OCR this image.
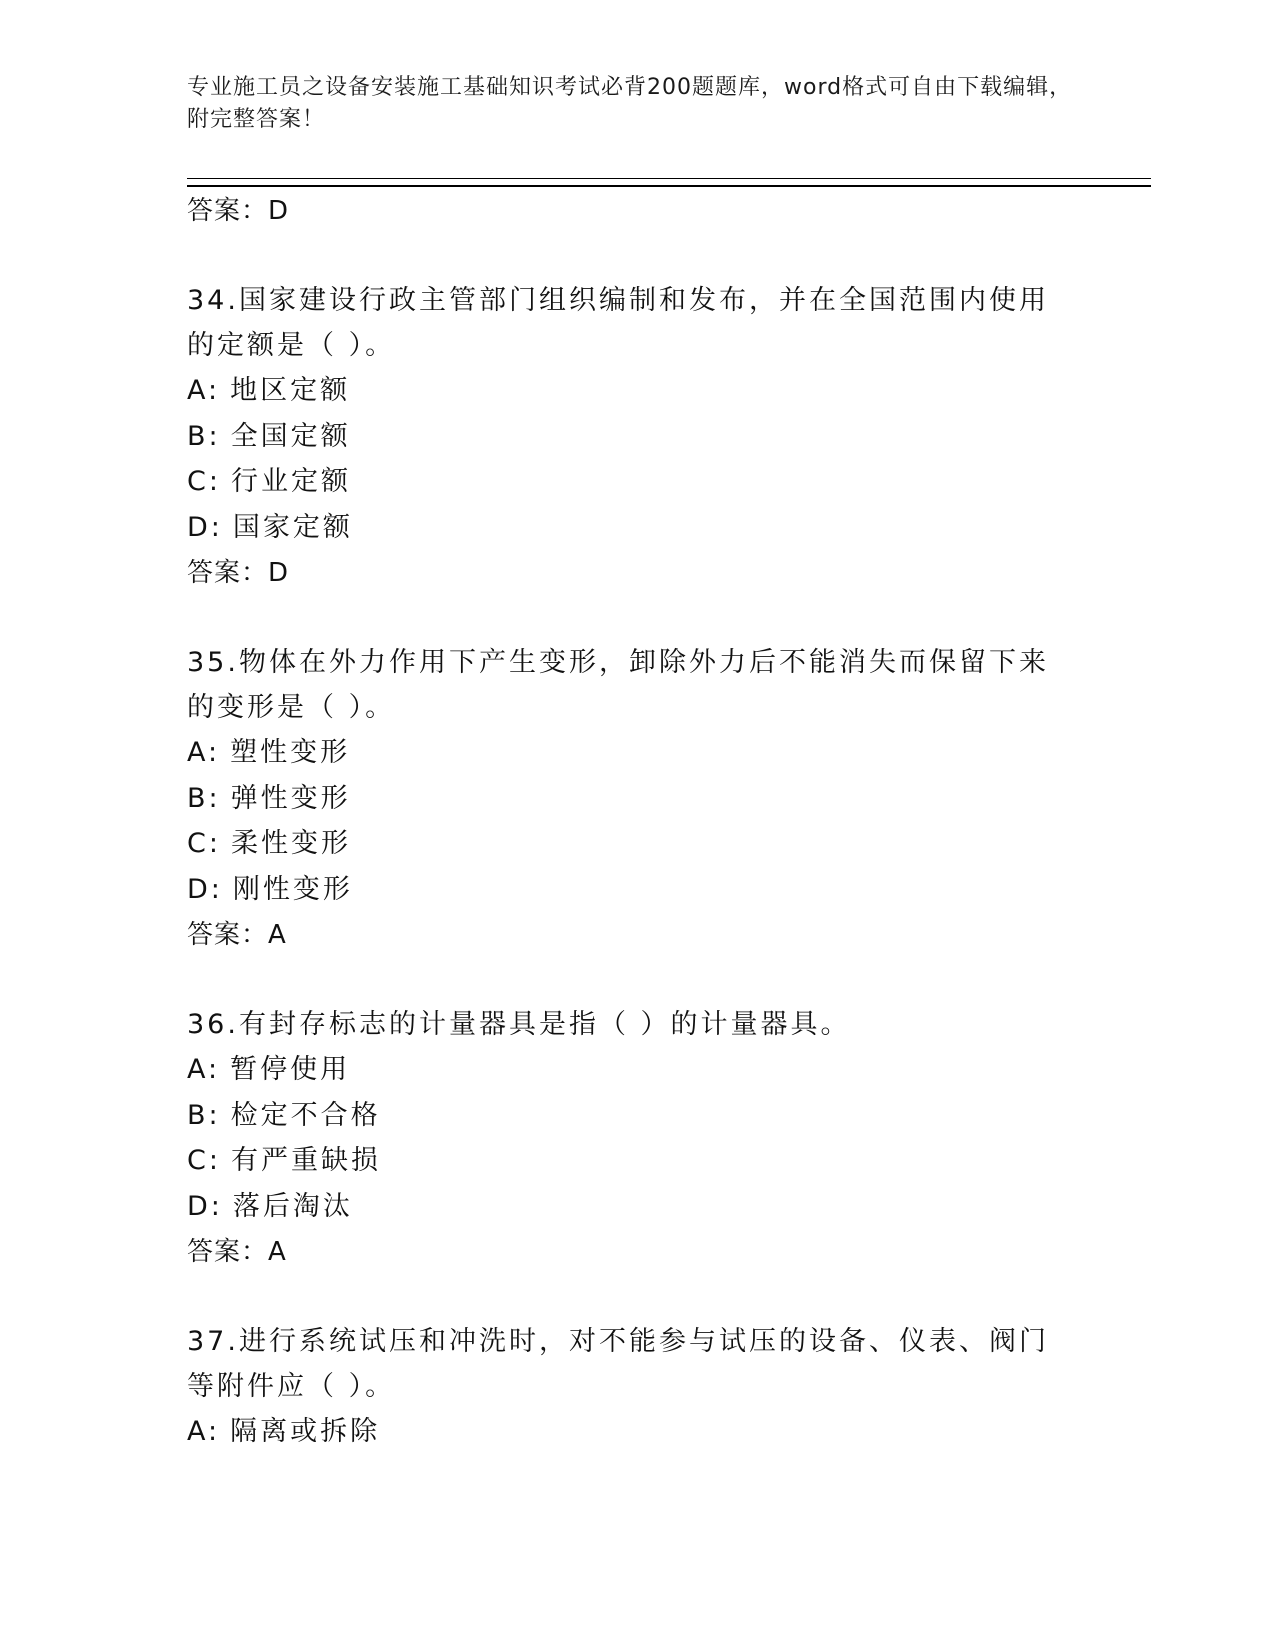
专业施工员之设备安装施工基础知识考试必背200题题库，word格式可自由下载编辑，附完整答案！
答案：D
34.国家建设行政主管部门组织编制和发布，并在全国范围内使用的定额是（ ）。
A: 地区定额
B: 全国定额
C: 行业定额
D: 国家定额
答案：D
35.物体在外力作用下产生变形，卸除外力后不能消失而保留下来的变形是（ ）。
A: 塑性变形
B: 弹性变形
C: 柔性变形
D: 刚性变形
答案：A
36.有封存标志的计量器具是指（ ）的计量器具。
A: 暂停使用
B: 检定不合格
C: 有严重缺损
D: 落后淘汰
答案：A
37.进行系统试压和冲洗时，对不能参与试压的设备、仪表、阀门等附件应（ ）。
A: 隔离或拆除
